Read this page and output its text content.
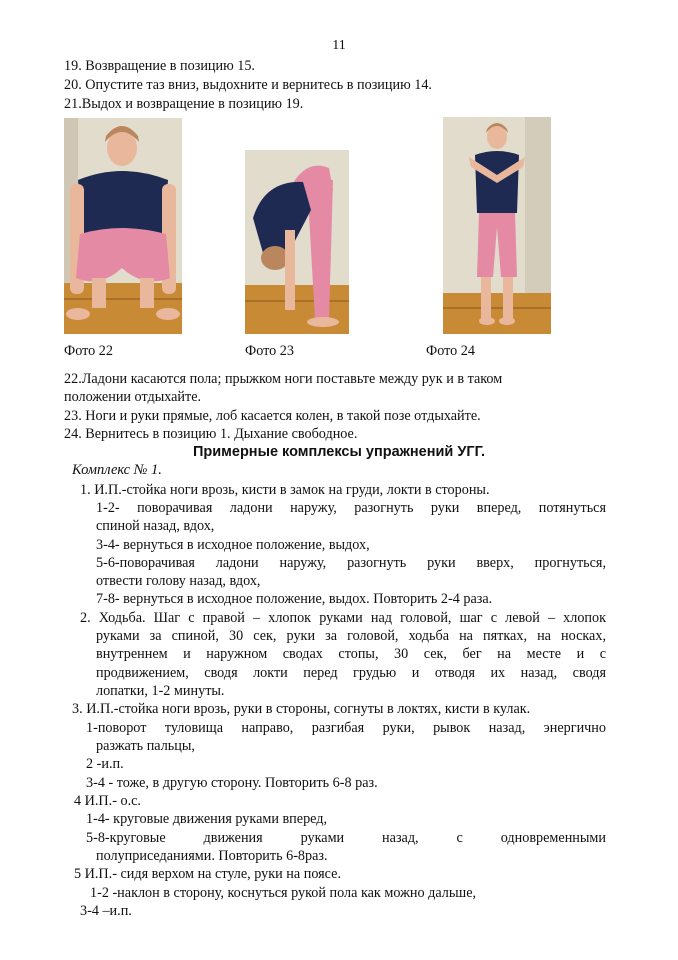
11
19. Возвращение в позицию 15.
20. Опустите таз вниз, выдохните и вернитесь в позицию 14.
21.Выдох и возвращение в позицию 19.
Фото 22	Фото 23	Фото 24
22.Ладони касаются пола; прыжком ноги поставьте между рук и в таком
положении отдыхайте.
23. Ноги и руки прямые, лоб касается колен, в такой позе отдыхайте.
24. Вернитесь в позицию 1. Дыхание свободное.
Примерные комплексы упражнений УГГ.
Комплекс № 1.
1. И.П.-стойка ноги врозь, кисти в замок на груди, локти в стороны.
1-2- поворачивая ладони наружу, разогнуть руки вперед, потянуться
спиной назад, вдох,
3-4- вернуться в исходное положение, выдох,
5-6-поворачивая ладони наружу, разогнуть руки вверх, прогнуться,
отвести голову назад, вдох,
7-8- вернуться в исходное положение, выдох. Повторить 2-4 раза.
2. Ходьба. Шаг с правой – хлопок руками над головой, шаг с левой – хлопок
руками за спиной, 30 сек, руки за головой, ходьба на пятках, на носках,
внутреннем и наружном сводах стопы, 30 сек, бег на месте и с
продвижением, сводя локти перед грудью и отводя их назад, сводя
лопатки, 1-2 минуты.
3. И.П.-стойка ноги врозь, руки в стороны, согнуты в локтях, кисти в кулак.
1-поворот туловища направо, разгибая руки, рывок назад, энергично
разжать пальцы,
2 -и.п.
3-4 - тоже, в другую сторону. Повторить 6-8 раз.
4 И.П.- о.с.
1-4- круговые движения руками вперед,
5-8-круговые движения руками назад, с одновременными
полуприседаниями. Повторить 6-8раз.
5 И.П.- сидя верхом на стуле, руки на поясе.
1-2 -наклон в сторону, коснуться рукой пола как можно дальше,
3-4 –и.п.
